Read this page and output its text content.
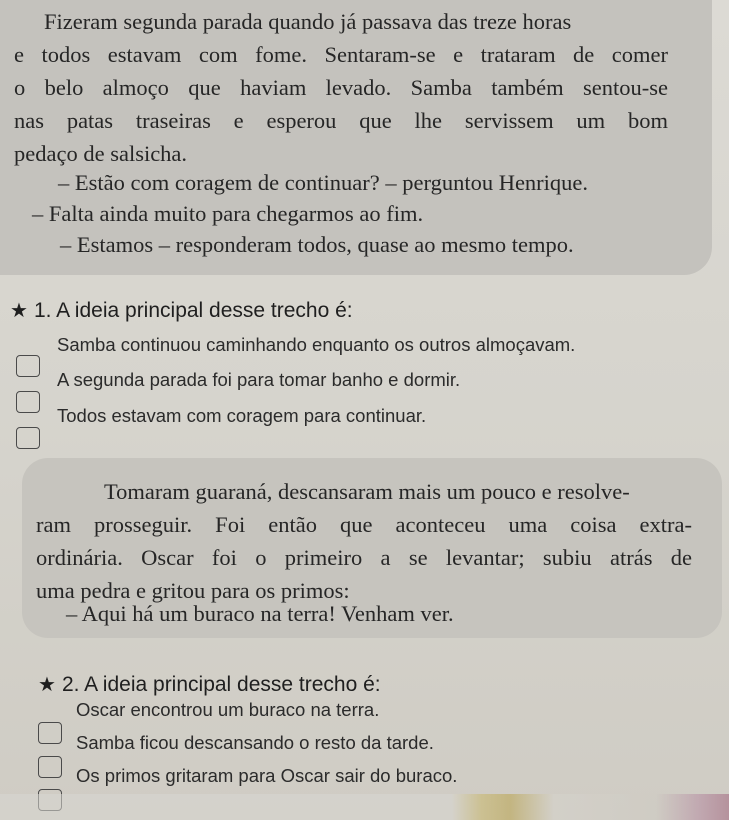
Fizeram segunda parada quando já passava das treze horas
e todos estavam com fome. Sentaram-se e trataram de comer
o belo almoço que haviam levado. Samba também sentou-se
nas patas traseiras e esperou que lhe servissem um bom
pedaço de salsicha.
– Estão com coragem de continuar? – perguntou Henrique.
– Falta ainda muito para chegarmos ao fim.
– Estamos – responderam todos, quase ao mesmo tempo.
★ 1. A ideia principal desse trecho é:
Samba continuou caminhando enquanto os outros almoçavam.
A segunda parada foi para tomar banho e dormir.
Todos estavam com coragem para continuar.
Tomaram guaraná, descansaram mais um pouco e resolve-
ram prosseguir. Foi então que aconteceu uma coisa extra-
ordinária. Oscar foi o primeiro a se levantar; subiu atrás de
uma pedra e gritou para os primos:
– Aqui há um buraco na terra! Venham ver.
★ 2. A ideia principal desse trecho é:
Oscar encontrou um buraco na terra.
Samba ficou descansando o resto da tarde.
Os primos gritaram para Oscar sair do buraco.
